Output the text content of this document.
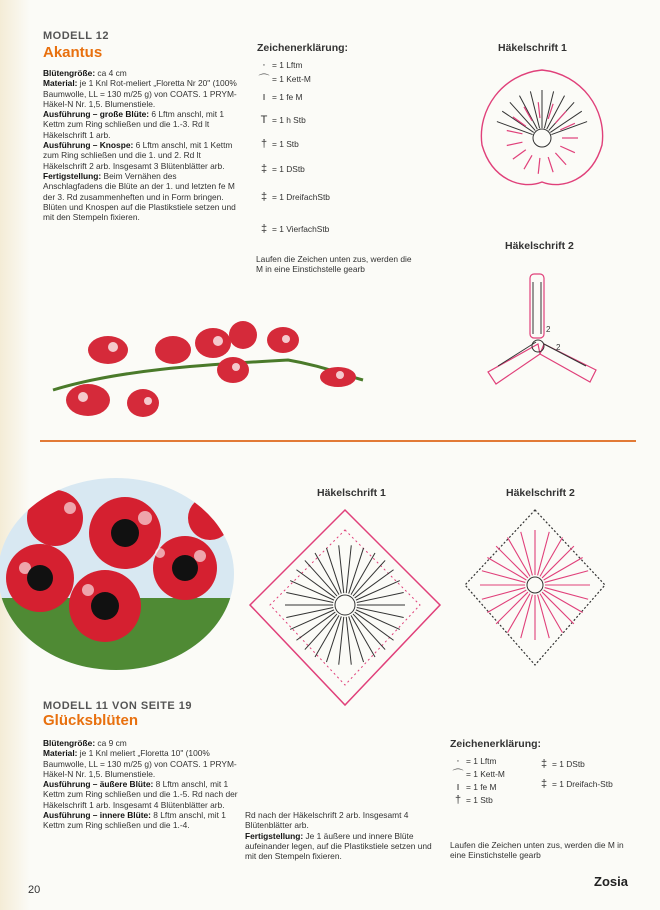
MODELL 12
Akantus
Blütengröße: ca 4 cm
Material: je 1 Knl Rot-meliert „Floretta Nr 20" (100% Baumwolle, LL = 130 m/25 g) von COATS. 1 PRYM-Häkel-N Nr. 1,5. Blumenstiele.
Ausführung – große Blüte: 6 Lftm anschl, mit 1 Kettm zum Ring schließen und die 1.-3. Rd lt Häkelschrift 1 arb.
Ausführung – Knospe: 6 Lftm anschl, mit 1 Kettm zum Ring schließen und die 1. und 2. Rd lt Häkelschrift 2 arb. Insgesamt 3 Blütenblätter arb.
Fertigstellung: Beim Vernähen des Anschlagfadens die Blüte an der 1. und letzten fe M der 3. Rd zusammenheften und in Form bringen. Blüten und Knospen auf die Plastikstiele setzen und mit den Stempeln fixieren.
Zeichenerklärung:
· = 1 Lftm
⌒ = 1 Kett-M
ı = 1 fe M
T = 1 h Stb
† = 1 Stb
‡ = 1 DStb
‡ = 1 DreifachStb
‡ = 1 VierfachStb
Laufen die Zeichen unten zus, werden die M in eine Einstichstelle gearb
Häkelschrift 1
Häkelschrift 2
2
2
Häkelschrift 1	Häkelschrift 2
MODELL 11 VON SEITE 19
Glücksblüten
Blütengröße: ca 9 cm
Material: je 1 Knl meliert „Floretta 10" (100% Baumwolle, LL = 130 m/25 g) von COATS. 1 PRYM-Häkel-N Nr. 1,5. Blumenstiele.
Ausführung – äußere Blüte: 8 Lftm anschl, mit 1 Kettm zum Ring schließen und die 1.-5. Rd nach der Häkelschrift 1 arb. Insgesamt 4 Blütenblätter arb.
Ausführung – innere Blüte: 8 Lftm anschl, mit 1 Kettm zum Ring schließen und die 1.-4.
Rd nach der Häkelschrift 2 arb. Insgesamt 4 Blütenblätter arb.
Fertigstellung: Je 1 äußere und innere Blüte aufeinander legen, auf die Plastikstiele setzen und mit den Stempeln fixieren.
Zeichenerklärung:
· = 1 Lftm
⌒ = 1 Kett-M
ı = 1 fe M
† = 1 Stb
‡ = 1 DStb
‡ = 1 Dreifach-Stb
Laufen die Zeichen unten zus, werden die M in eine Einstichstelle gearb
20
Zosia
